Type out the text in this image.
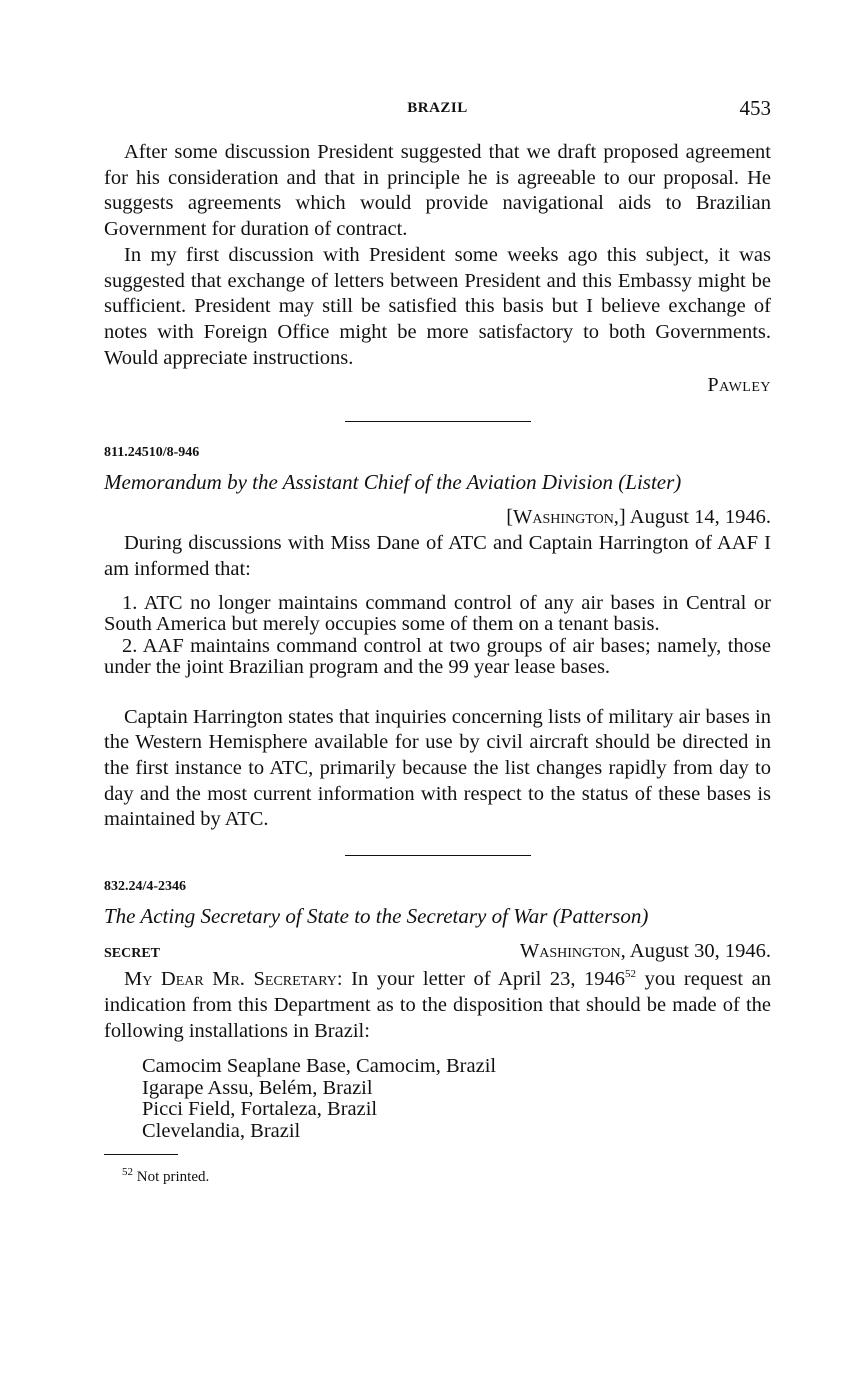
BRAZIL	453

After some discussion President suggested that we draft proposed agreement for his consideration and that in principle he is agreeable to our proposal. He suggests agreements which would provide navigational aids to Brazilian Government for duration of contract.

In my first discussion with President some weeks ago this subject, it was suggested that exchange of letters between President and this Embassy might be sufficient. President may still be satisfied this basis but I believe exchange of notes with Foreign Office might be more satisfactory to both Governments. Would appreciate instructions.

Pawley
811.24510/8-946
Memorandum by the Assistant Chief of the Aviation Division (Lister)
[Washington,] August 14, 1946.

During discussions with Miss Dane of ATC and Captain Harrington of AAF I am informed that:

1. ATC no longer maintains command control of any air bases in Central or South America but merely occupies some of them on a tenant basis.
2. AAF maintains command control at two groups of air bases; namely, those under the joint Brazilian program and the 99 year lease bases.

Captain Harrington states that inquiries concerning lists of military air bases in the Western Hemisphere available for use by civil aircraft should be directed in the first instance to ATC, primarily because the list changes rapidly from day to day and the most current information with respect to the status of these bases is maintained by ATC.

832.24/4-2346
The Acting Secretary of State to the Secretary of War (Patterson)
SECRET	Washington, August 30, 1946.

My Dear Mr. Secretary: In your letter of April 23, 1946$^{52}$ you request an indication from this Department as to the disposition that should be made of the following installations in Brazil:

Camocim Seaplane Base, Camocim, Brazil
Igarape Assu, Belém, Brazil
Picci Field, Fortaleza, Brazil
Clevelandia, Brazil
$^{52}$ Not printed.
